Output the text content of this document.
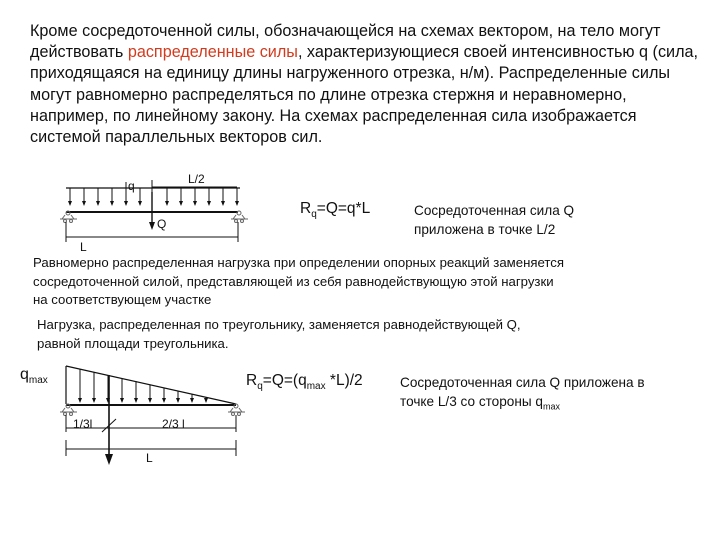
Кроме сосредоточенной силы, обозначающейся на схемах вектором, на тело могут действовать распределенные силы, характеризующиеся своей интенсивностью q (сила, приходящаяся на единицу длины нагруженного отрезка, н/м). Распределенные силы могут равномерно распределяться по длине отрезка стержня и неравномерно, например, по линейному закону. На схемах распределенная сила изображается системой параллельных векторов сил.
q	L/2
Q
L
$R_q=Q=q*L$	Сосредоточенная сила Q
приложена в точке L/2
Равномерно распределенная нагрузка при определении опорных реакций заменяется
сосредоточенной силой, представляющей из себя равнодействующую этой нагрузки
на соответствующем участке
Нагрузка, распределенная по треугольнику, заменяется равнодействующей Q,
равной площади треугольника.
$q_{max}$
1/3l	2/3 l
L
$R_q=Q=(q_{max}$ *L)/2	Сосредоточенная сила Q приложена в
точке L/3 со стороны $q_{max}$
